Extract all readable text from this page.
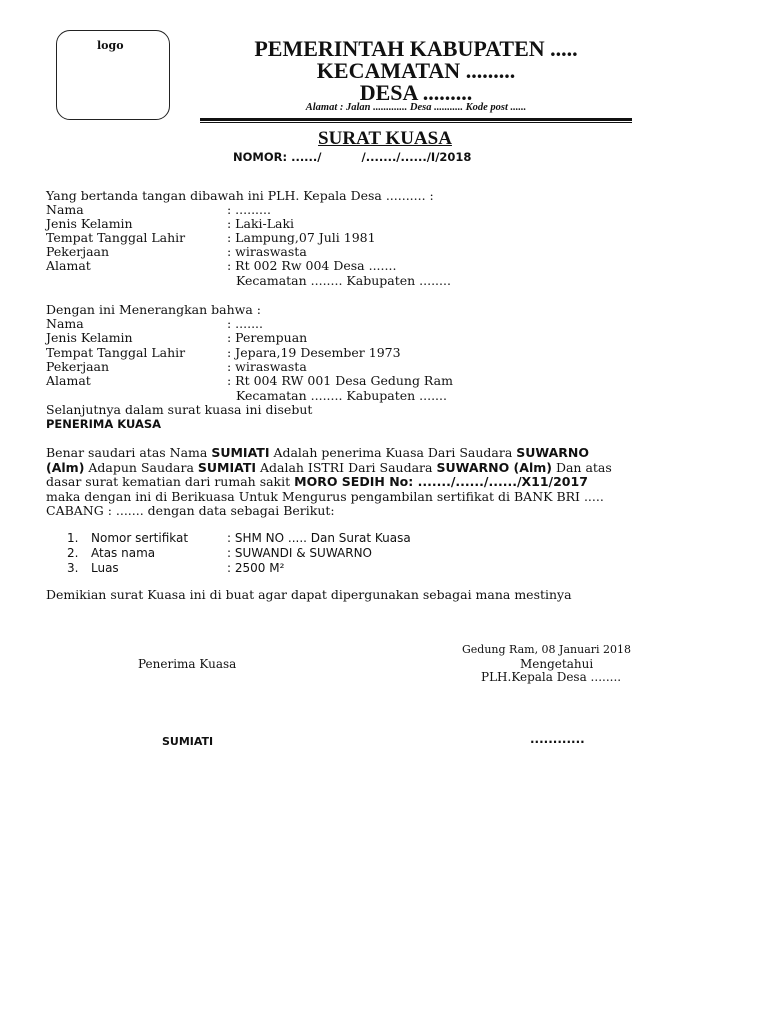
logo	PEMERINTAH KABUPATEN .....
KECAMATAN .........
DESA .........
Alamat : Jalan ............. Desa ........... Kode post ......
SURAT KUASA
NOMOR: ....../          /......./....../I/2018
Yang bertanda tangan dibawah ini PLH. Kepala Desa .......... :
Nama	: .........
Jenis Kelamin	: Laki-Laki
Tempat Tanggal Lahir	: Lampung,07 Juli 1981
Pekerjaan	: wiraswasta
Alamat	: Rt 002 Rw 004 Desa .......
Kecamatan ........ Kabupaten ........
Dengan ini Menerangkan bahwa :
Nama	: .......
Jenis Kelamin	: Perempuan
Tempat Tanggal Lahir	: Jepara,19 Desember 1973
Pekerjaan	: wiraswasta
Alamat	: Rt 004 RW 001 Desa Gedung Ram
Kecamatan ........ Kabupaten .......
Selanjutnya dalam surat kuasa ini disebut
PENERIMA KUASA
Benar saudari atas Nama SUMIATI Adalah penerima Kuasa Dari Saudara SUWARNO
(Alm) Adapun Saudara SUMIATI Adalah ISTRI Dari Saudara SUWARNO (Alm) Dan atas
dasar surat kematian dari rumah sakit MORO SEDIH No: ......./....../....../X11/2017
maka dengan ini di Berikuasa Untuk Mengurus pengambilan sertifikat di BANK BRI .....
CABANG : ....... dengan data sebagai Berikut:
1. Nomor sertifikat	: SHM NO ..... Dan Surat Kuasa
2. Atas nama	: SUWANDI & SUWARNO
3. Luas	: 2500 M²
Demikian surat Kuasa ini di buat agar dapat dipergunakan sebagai mana mestinya
Gedung Ram, 08 Januari 2018
Mengetahui
PLH.Kepala Desa ........
Penerima Kuasa
SUMIATI	............
